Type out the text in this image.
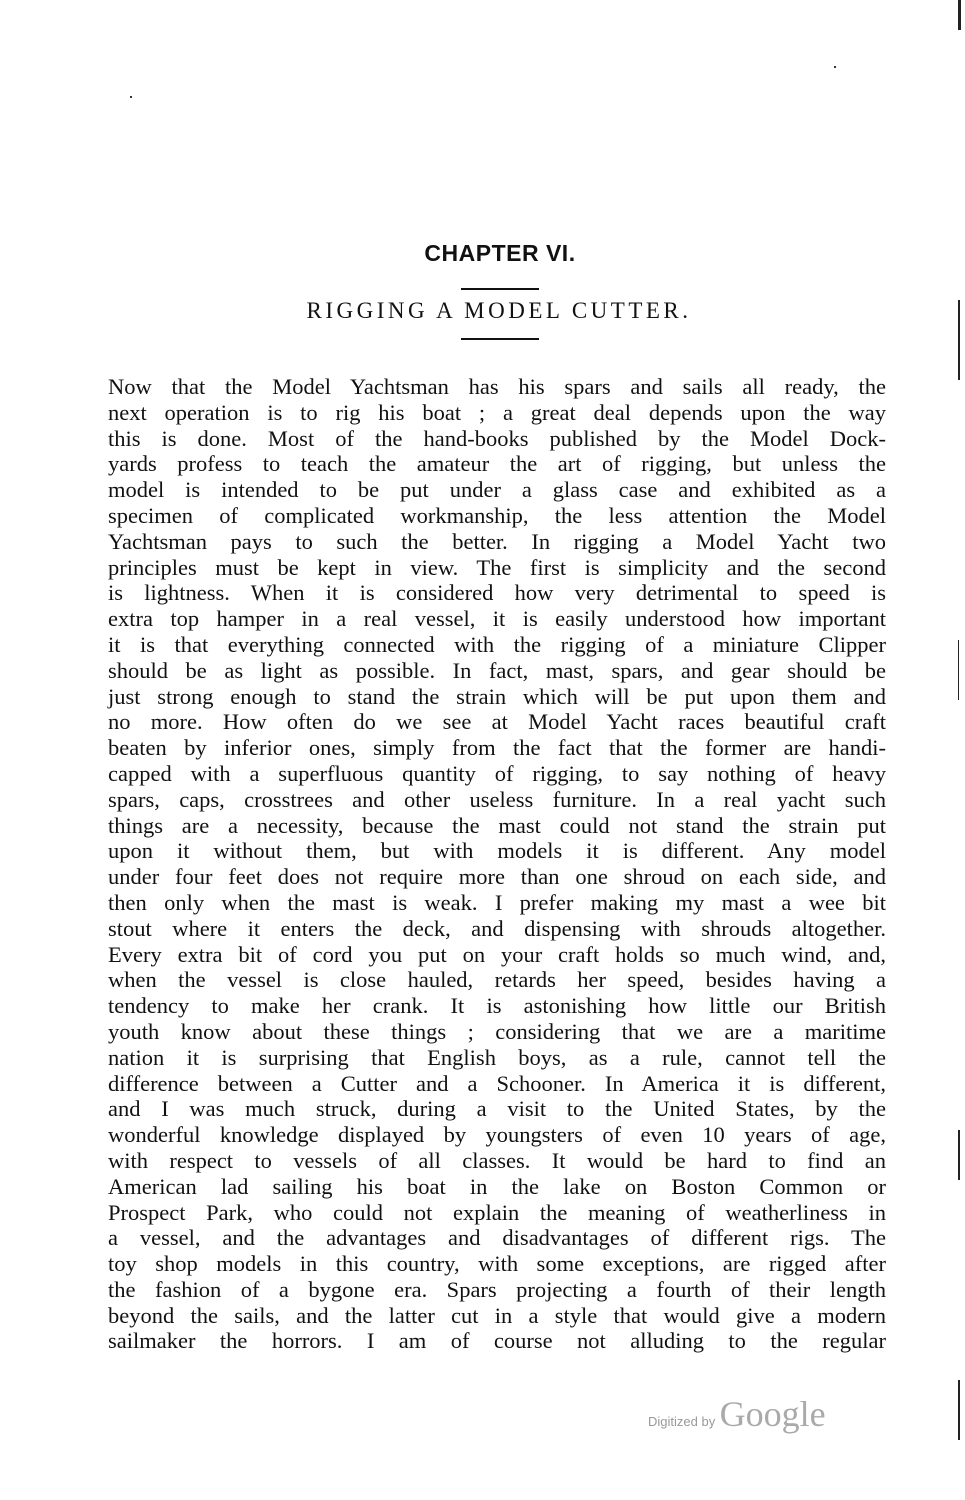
CHAPTER VI.
RIGGING A MODEL CUTTER.
Now that the Model Yachtsman has his spars and sails all ready, the
next operation is to rig his boat ; a great deal depends upon the way
this is done. Most of the hand-books published by the Model Dock-
yards profess to teach the amateur the art of rigging, but unless the
model is intended to be put under a glass case and exhibited as a
specimen of complicated workmanship, the less attention the Model
Yachtsman pays to such the better. In rigging a Model Yacht two
principles must be kept in view. The first is simplicity and the second
is lightness. When it is considered how very detrimental to speed is
extra top hamper in a real vessel, it is easily understood how important
it is that everything connected with the rigging of a miniature Clipper
should be as light as possible. In fact, mast, spars, and gear should be
just strong enough to stand the strain which will be put upon them and
no more. How often do we see at Model Yacht races beautiful craft
beaten by inferior ones, simply from the fact that the former are handi-
capped with a superfluous quantity of rigging, to say nothing of heavy
spars, caps, crosstrees and other useless furniture. In a real yacht such
things are a necessity, because the mast could not stand the strain put
upon it without them, but with models it is different. Any model
under four feet does not require more than one shroud on each side, and
then only when the mast is weak. I prefer making my mast a wee bit
stout where it enters the deck, and dispensing with shrouds altogether.
Every extra bit of cord you put on your craft holds so much wind, and,
when the vessel is close hauled, retards her speed, besides having a
tendency to make her crank. It is astonishing how little our British
youth know about these things ; considering that we are a maritime
nation it is surprising that English boys, as a rule, cannot tell the
difference between a Cutter and a Schooner. In America it is different,
and I was much struck, during a visit to the United States, by the
wonderful knowledge displayed by youngsters of even 10 years of age,
with respect to vessels of all classes. It would be hard to find an
American lad sailing his boat in the lake on Boston Common or
Prospect Park, who could not explain the meaning of weatherliness in
a vessel, and the advantages and disadvantages of different rigs. The
toy shop models in this country, with some exceptions, are rigged after
the fashion of a bygone era. Spars projecting a fourth of their length
beyond the sails, and the latter cut in a style that would give a modern
sailmaker the horrors. I am of course not alluding to the regular
Digitized by Google
